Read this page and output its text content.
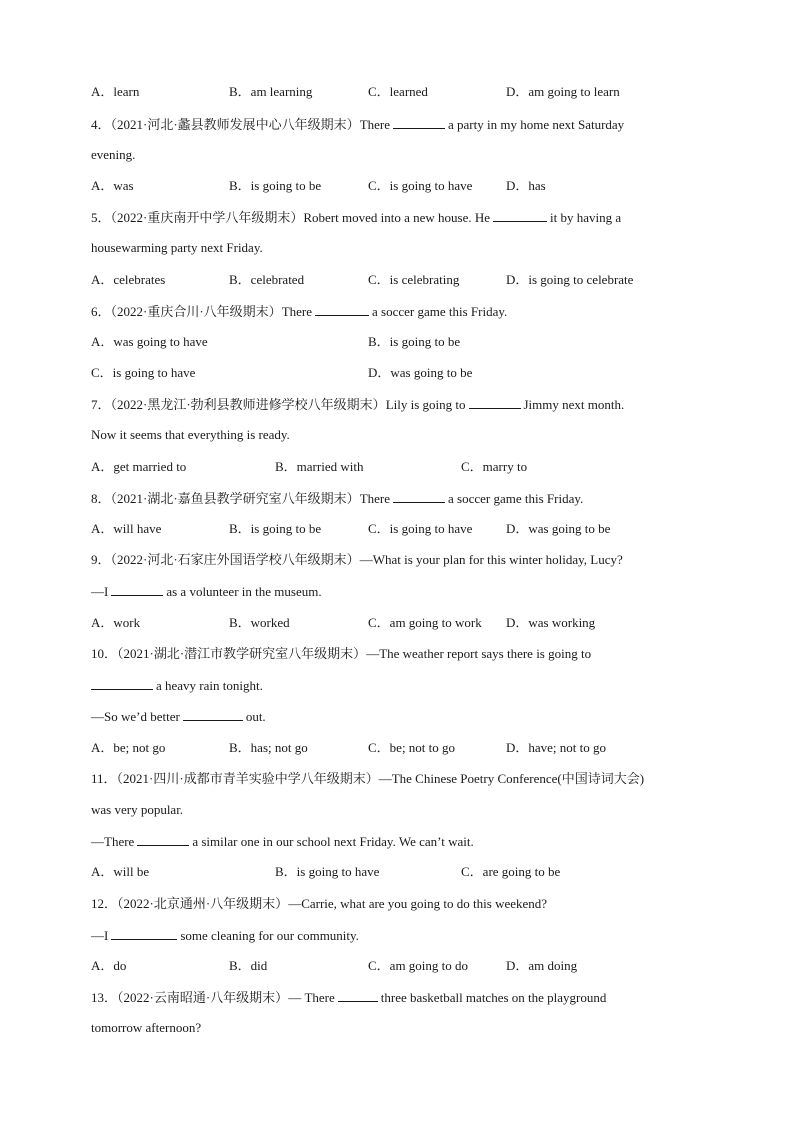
A．learn	B．am learning	C．learned	D．am going to learn
4．（2021·河北·蠡县教师发展中心八年级期末）There	a party in my home next Saturday
evening.
A．was	B．is going to be	C．is going to have	D．has
5．（2022·重庆南开中学八年级期末）Robert moved into a new house. He	it by having a
housewarming party next Friday.
A．celebrates	B．celebrated	C．is celebrating	D．is going to celebrate
6．（2022·重庆合川·八年级期末）There	a soccer game this Friday.
A．was going to have	B．is going to be
C．is going to have	D．was going to be
7．（2022·黑龙江·勃利县教师进修学校八年级期末）Lily is going to	Jimmy next month.
Now it seems that everything is ready.
A．get married to	B．married with	C．marry to
8．（2021·湖北·嘉鱼县教学研究室八年级期末）There	a soccer game this Friday.
A．will have	B．is going to be	C．is going to have	D．was going to be
9．（2022·河北·石家庄外国语学校八年级期末）—What is your plan for this winter holiday, Lucy?
—I	as a volunteer in the museum.
A．work	B．worked	C．am going to work D．was working
10．（2021·湖北·潜江市教学研究室八年级期末）—The weather report says there is going to
a heavy rain tonight.
—So we’d better	out.
A．be; not go	B．has; not go	C．be; not to go	D．have; not to go
11．（2021·四川·成都市青羊实验中学八年级期末）—The Chinese Poetry Conference(中国诗词大会)
was very popular.
—There	a similar one in our school next Friday. We can’t wait.
A．will be	B．is going to have	C．are going to be
12．（2022·北京通州·八年级期末）—Carrie, what are you going to do this weekend?
—I	some cleaning for our community.
A．do	B．did	C．am going to do	D．am doing
13．（2022·云南昭通·八年级期末）— There	three basketball matches on the playground
tomorrow afternoon?
